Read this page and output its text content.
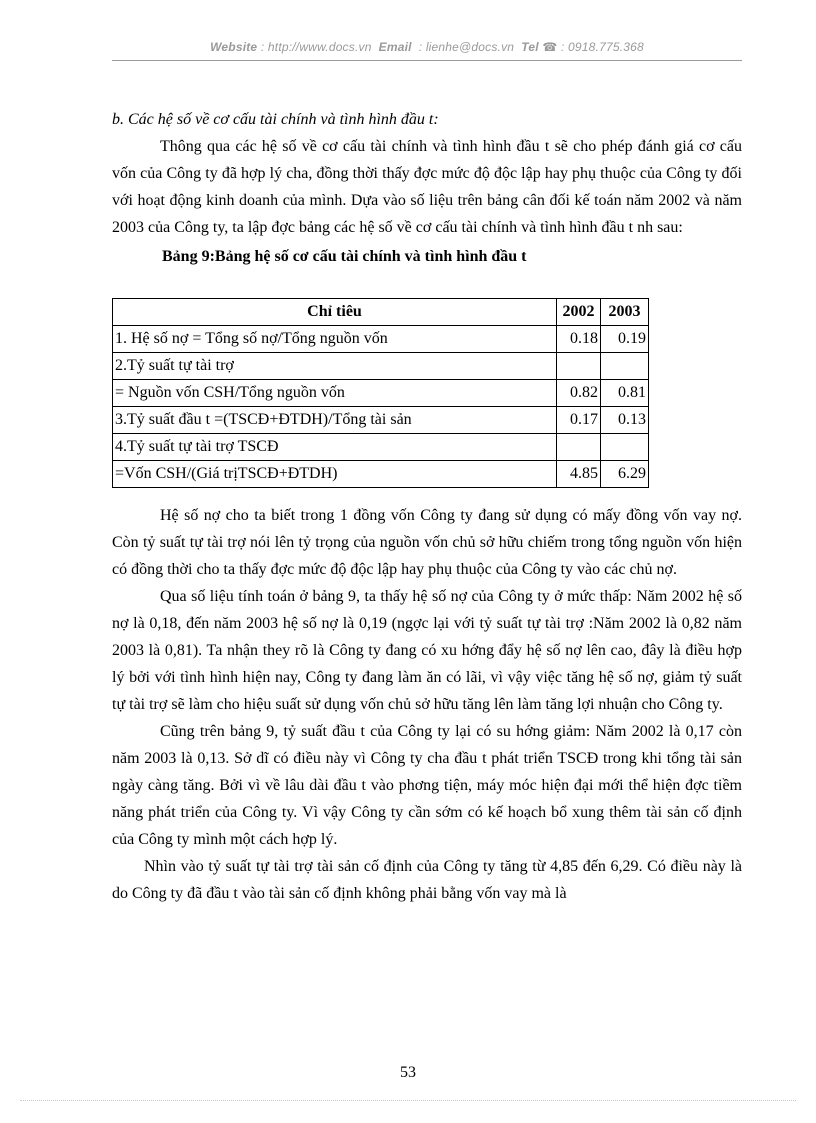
Website : http://www.docs.vn Email : lienhe@docs.vn Tel ☎ : 0918.775.368

b. Các hệ số về cơ cấu tài chính và tình hình đầu t:

Thông qua các hệ số về cơ cấu tài chính và tình hình đầu t sẽ cho phép đánh giá cơ cấu vốn của Công ty đã hợp lý cha, đồng thời thấy đợc mức độ độc lập hay phụ thuộc của Công ty đối với hoạt động kinh doanh của mình. Dựa vào số liệu trên bảng cân đối kế toán năm 2002 và năm 2003 của Công ty, ta lập đợc bảng các hệ số về cơ cấu tài chính và tình hình đầu t nh sau:

Bảng 9:Bảng hệ số cơ cấu tài chính và tình hình đầu t

Chỉ tiêu	2002	2003
1. Hệ số nợ = Tổng số nợ/Tổng nguồn vốn	0.18	0.19
2.Tỷ suất tự tài trợ		
= Nguồn vốn CSH/Tổng nguồn vốn	0.82	0.81
3.Tỷ suất đầu t =(TSCĐ+ĐTDH)/Tổng tài sản	0.17	0.13
4.Tỷ suất tự tài trợ TSCĐ		
=Vốn CSH/(Giá trịTSCĐ+ĐTDH)	4.85	6.29

Hệ số nợ cho ta biết trong 1 đồng vốn Công ty đang sử dụng có mấy đồng vốn vay nợ. Còn tỷ suất tự tài trợ nói lên tỷ trọng của nguồn vốn chủ sở hữu chiếm trong tổng nguồn vốn hiện có đồng thời cho ta thấy đợc mức độ độc lập hay phụ thuộc của Công ty vào các chủ nợ.

Qua số liệu tính toán ở bảng 9, ta thấy hệ số nợ của Công ty ở mức thấp: Năm 2002 hệ số nợ là 0,18, đến năm 2003 hệ số nợ là 0,19 (ngợc lại với tỷ suất tự tài trợ :Năm 2002 là 0,82 năm 2003 là 0,81). Ta nhận they rõ là Công ty đang có xu hớng đẩy hệ số nợ lên cao, đây là điều hợp lý bởi với tình hình hiện nay, Công ty đang làm ăn có lãi, vì vậy việc tăng hệ số nợ, giảm tỷ suất tự tài trợ sẽ làm cho hiệu suất sử dụng vốn chủ sở hữu tăng lên làm tăng lợi nhuận cho Công ty.

Cũng trên bảng 9, tỷ suất đầu t của Công ty lại có su hớng giảm: Năm 2002 là 0,17 còn năm 2003 là 0,13. Sở dĩ có điều này vì Công ty cha đầu t phát triển TSCĐ trong khi tổng tài sản ngày càng tăng. Bởi vì về lâu dài đầu t vào phơng tiện, máy móc hiện đại mới thể hiện đợc tiềm năng phát triển của Công ty. Vì vậy Công ty cần sớm có kế hoạch bổ xung thêm tài sản cố định của Công ty mình một cách hợp lý.

Nhìn vào tỷ suất tự tài trợ tài sản cố định của Công ty tăng từ 4,85 đến 6,29. Có điều này là do Công ty đã đầu t vào tài sản cố định không phải bằng vốn vay mà là

53
